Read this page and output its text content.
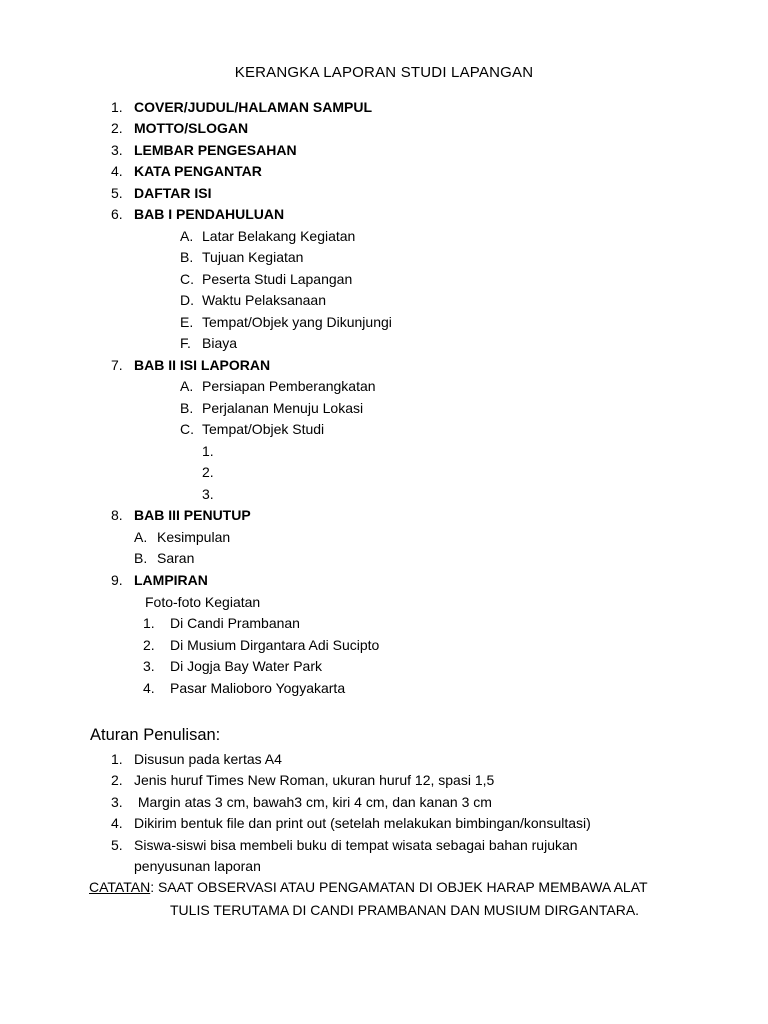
KERANGKA LAPORAN STUDI LAPANGAN
1. COVER/JUDUL/HALAMAN SAMPUL
2. MOTTO/SLOGAN
3. LEMBAR PENGESAHAN
4. KATA PENGANTAR
5. DAFTAR ISI
6. BAB I PENDAHULUAN
A. Latar Belakang Kegiatan
B. Tujuan Kegiatan
C. Peserta Studi Lapangan
D. Waktu Pelaksanaan
E. Tempat/Objek yang Dikunjungi
F. Biaya
7. BAB II ISI LAPORAN
A. Persiapan Pemberangkatan
B. Perjalanan Menuju Lokasi
C. Tempat/Objek Studi
1.
2.
3.
8. BAB III PENUTUP
A. Kesimpulan
B. Saran
9. LAMPIRAN
Foto-foto Kegiatan
1. Di Candi Prambanan
2. Di Musium Dirgantara Adi Sucipto
3. Di Jogja Bay Water Park
4. Pasar Malioboro Yogyakarta
Aturan Penulisan:
1. Disusun pada kertas A4
2. Jenis huruf Times New Roman, ukuran huruf 12, spasi 1,5
3. Margin atas 3 cm, bawah3 cm, kiri 4 cm, dan kanan 3 cm
4. Dikirim bentuk file dan print out (setelah melakukan bimbingan/konsultasi)
5. Siswa-siswi bisa membeli buku di tempat wisata sebagai bahan rujukan
penyusunan laporan
CATATAN: SAAT OBSERVASI ATAU PENGAMATAN DI OBJEK HARAP MEMBAWA ALAT
TULIS TERUTAMA DI CANDI PRAMBANAN DAN MUSIUM DIRGANTARA.
